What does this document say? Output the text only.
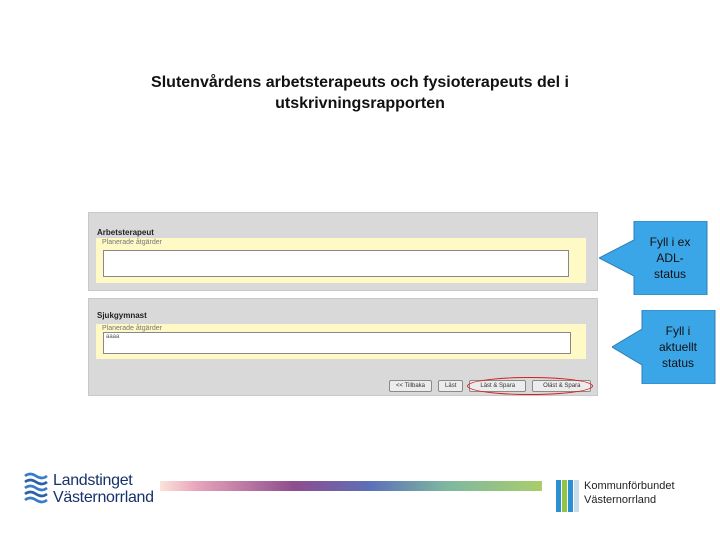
Slutenvårdens arbetsterapeuts och fysioterapeuts del i
utskrivningsrapporten
Arbetsterapeut
Planerade åtgärder
Sjukgymnast
Planerade åtgärder
aaaa
<< Tillbaka	Läst	Läst & Spara	Oläst & Spara
Fyll i ex
ADL-
status
Fyll i
aktuellt
status
Landstinget
Västernorrland
Kommunförbundet
Västernorrland
